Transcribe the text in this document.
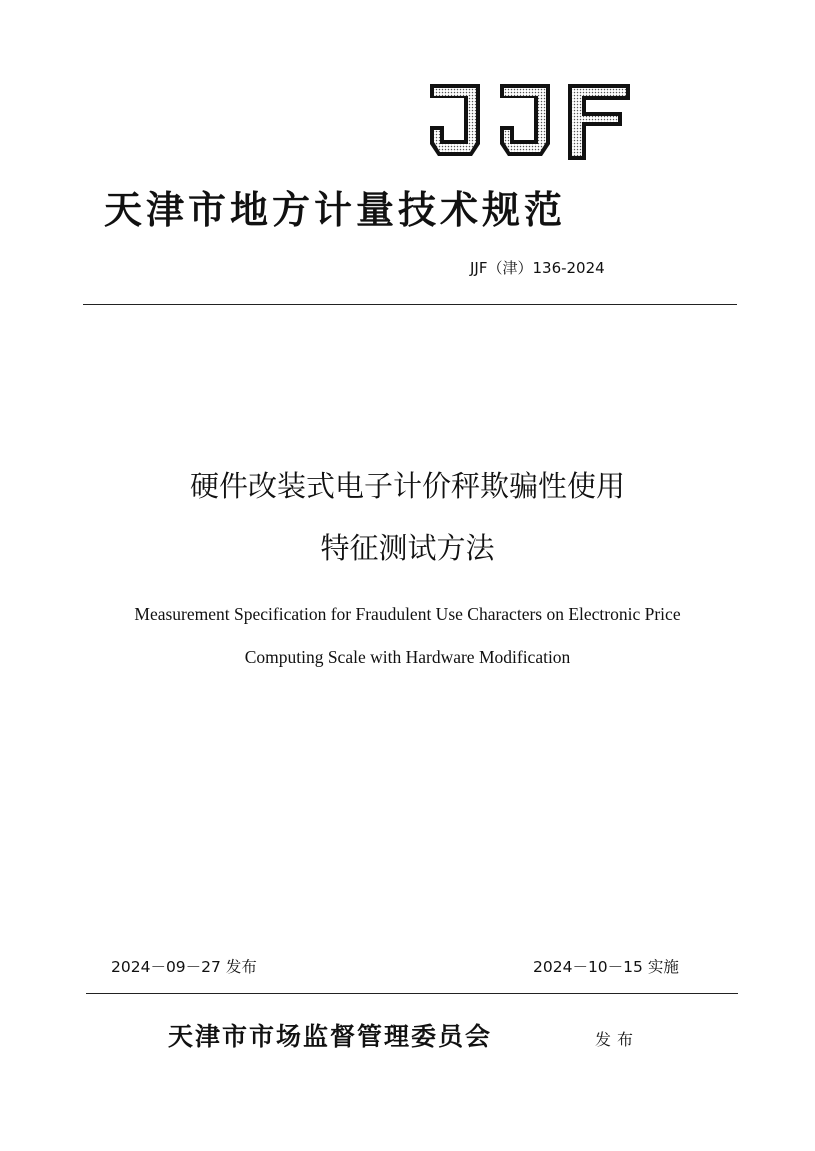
天津市地方计量技术规范
JJF（津）136-2024
硬件改装式电子计价秤欺骗性使用
特征测试方法
Measurement Specification for Fraudulent Use Characters on Electronic Price
Computing Scale with Hardware Modification
2024－09－27 发布	2024－10－15 实施
天津市市场监督管理委员会	发布
